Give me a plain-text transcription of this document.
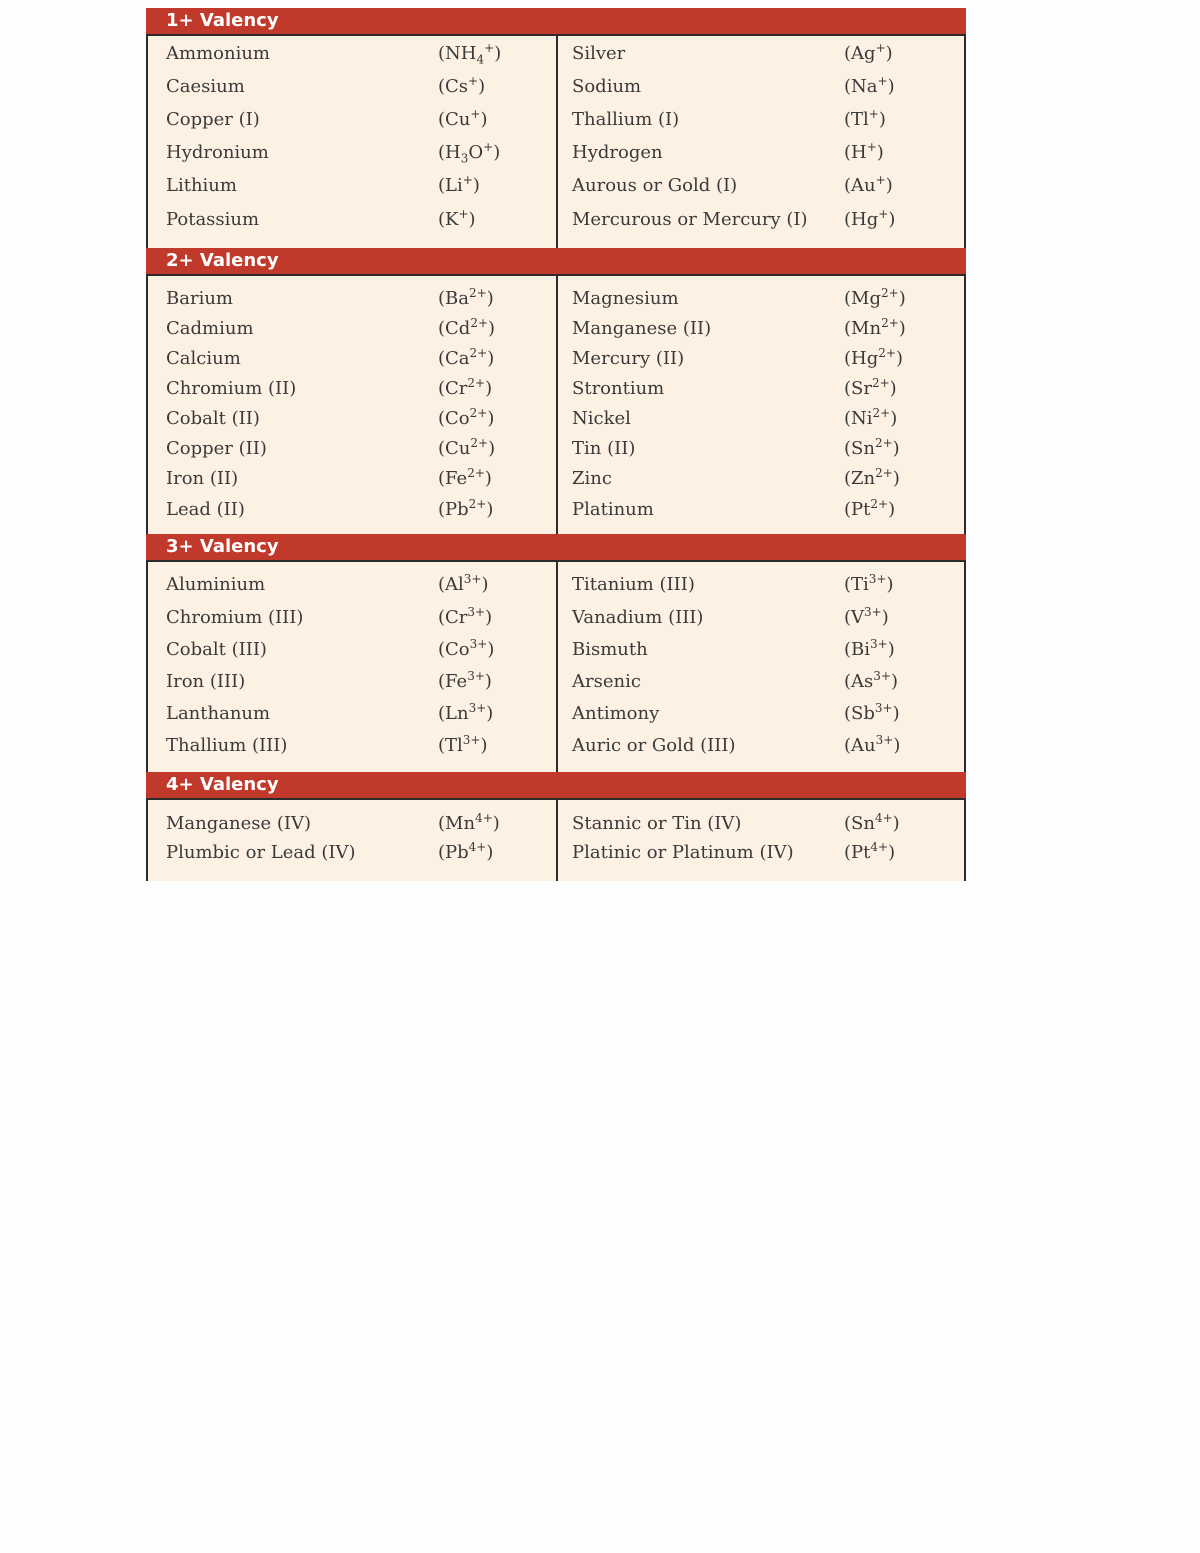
1+ Valency
Ammonium	$(NH_4^+)$	Silver	(Ag+)
Caesium	(Cs+)	Sodium	(Na+)
Copper (I)	(Cu+)	Thallium (I)	(Tl+)
Hydronium	$(H_3O^+)$	Hydrogen	(H+)
Lithium	(Li+)	Aurous or Gold (I)	(Au+)
Potassium	(K+)	Mercurous or Mercury (I) (Hg+)
2+ Valency
Barium	$(Ba^{2+})$	Magnesium	$(Mg^{2+})$
Cadmium	$(Cd^{2+})$	Manganese (II)	$(Mn^{2+})$
Calcium	$(Ca^{2+})$	Mercury (II)	$(Hg^{2+})$
Chromium (II)	$(Cr^{2+})$	Strontium	$(Sr^{2+})$
Cobalt (II)	$(Co^{2+})$	Nickel	$(Ni^{2+})$
Copper (II)	$(Cu^{2+})$	Tin (II)	$(Sn^{2+})$
Iron (II)	$(Fe^{2+})$	Zinc	$(Zn^{2+})$
Lead (II)	$(Pb^{2+})$	Platinum	$(Pt^{2+})$
3+ Valency
Aluminium	$(Al^{3+})$	Titanium (III)	$(Ti^{3+})$
Chromium (III)	$(Cr^{3+})$	Vanadium (III)	$(V^{3+})$
Cobalt (III)	$(Co^{3+})$	Bismuth	$(Bi^{3+})$
Iron (III)	$(Fe^{3+})$	Arsenic	$(As^{3+})$
Lanthanum	$(Ln^{3+})$	Antimony	$(Sb^{3+})$
Thallium (III)	$(Tl^{3+})$	Auric or Gold (III)	$(Au^{3+})$
4+ Valency
Manganese (IV)	$(Mn^{4+})$	Stannic or Tin (IV)	$(Sn^{4+})$
Plumbic or Lead (IV)	$(Pb^{4+})$	Platinic or Platinum (IV)	$(Pt^{4+})$
